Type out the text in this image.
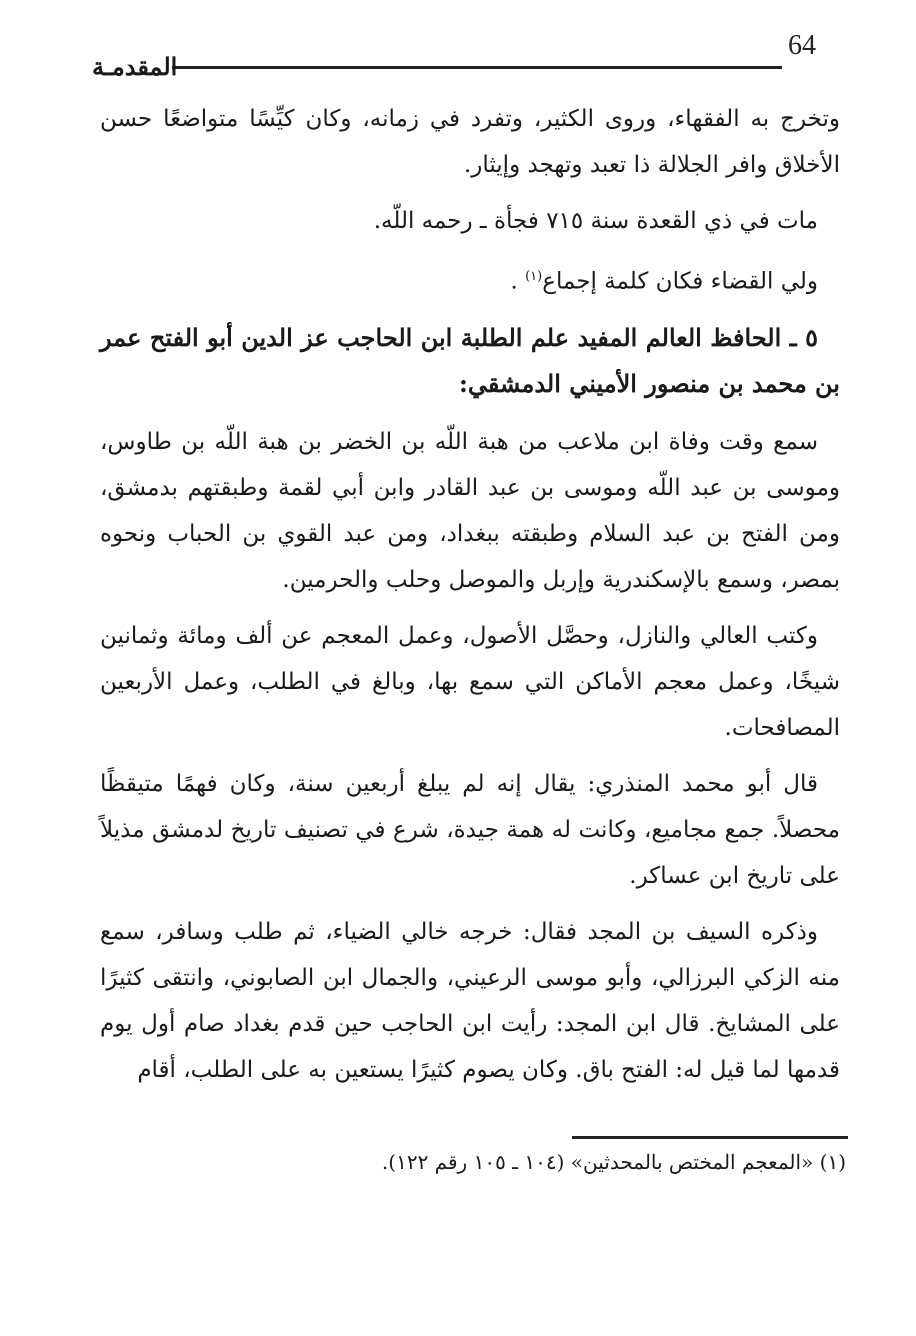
64
المقدمـة

وتخرج به الفقهاء، وروى الكثير، وتفرد في زمانه، وكان كيِّسًا متواضعًا حسن الأخلاق وافر الجلالة ذا تعبد وتهجد وإيثار.

مات في ذي القعدة سنة ٧١٥ فجأة ـ رحمه اللّه.

ولي القضاء فكان كلمة إجماع$^{(١)}$ .

٥ ـ الحافظ العالم المفيد علم الطلبة ابن الحاجب عز الدين أبو الفتح عمر بن محمد بن منصور الأميني الدمشقي:

سمع وقت وفاة ابن ملاعب من هبة اللّه بن الخضر بن هبة اللّه بن طاوس، وموسى بن عبد اللّه وموسى بن عبد القادر وابن أبي لقمة وطبقتهم بدمشق، ومن الفتح بن عبد السلام وطبقته ببغداد، ومن عبد القوي بن الحباب ونحوه بمصر، وسمع بالإسكندرية وإربل والموصل وحلب والحرمين.

وكتب العالي والنازل، وحصَّل الأصول، وعمل المعجم عن ألف ومائة وثمانين شيخًا، وعمل معجم الأماكن التي سمع بها، وبالغ في الطلب، وعمل الأربعين المصافحات.

قال أبو محمد المنذري: يقال إنه لم يبلغ أربعين سنة، وكان فهمًا متيقظًا محصلاً. جمع مجاميع، وكانت له همة جيدة، شرع في تصنيف تاريخ لدمشق مذيلاً على تاريخ ابن عساكر.

وذكره السيف بن المجد فقال: خرجه خالي الضياء، ثم طلب وسافر، سمع منه الزكي البرزالي، وأبو موسى الرعيني، والجمال ابن الصابوني، وانتقى كثيرًا على المشايخ. قال ابن المجد: رأيت ابن الحاجب حين قدم بغداد صام أول يوم قدمها لما قيل له: الفتح باق. وكان يصوم كثيرًا يستعين به على الطلب، أقام

(١) «المعجم المختص بالمحدثين» (١٠٤ ـ ١٠٥ رقم ١٢٢).
